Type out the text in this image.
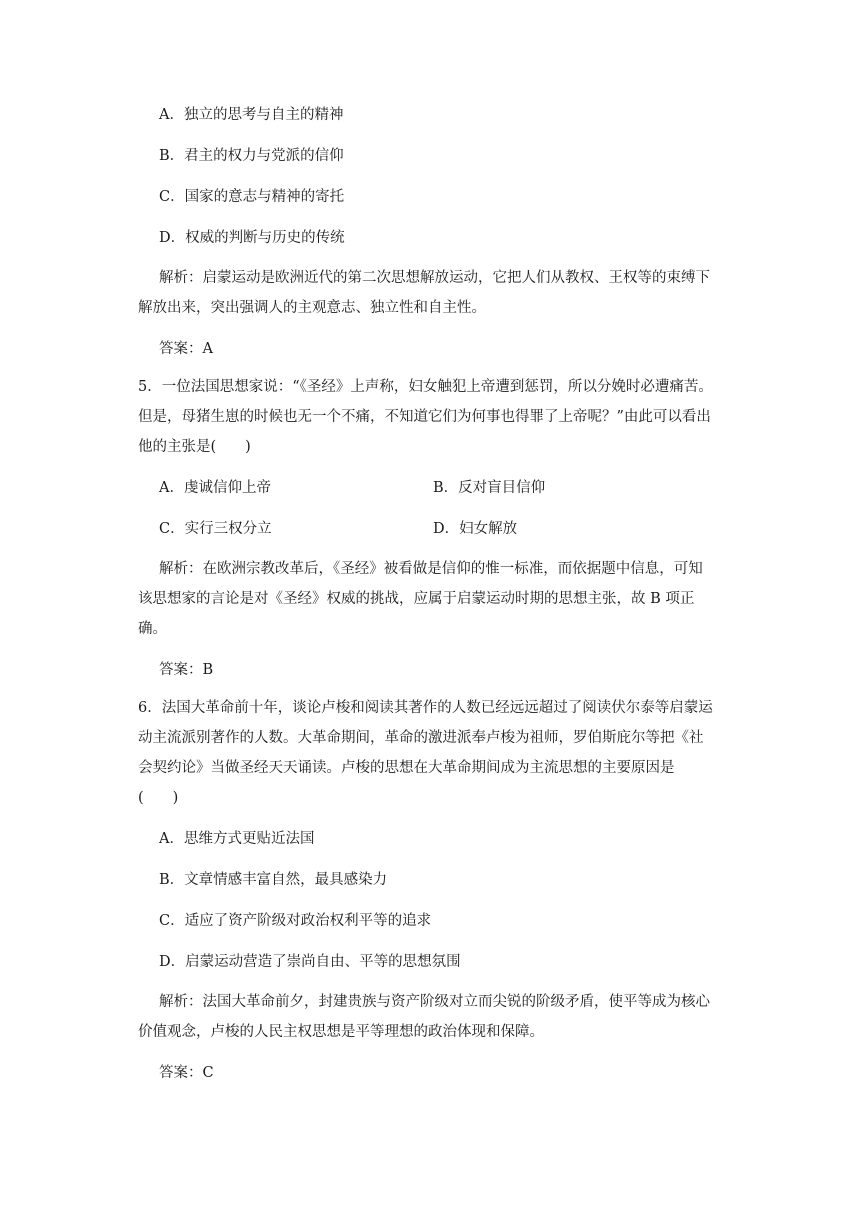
A．独立的思考与自主的精神
B．君主的权力与党派的信仰
C．国家的意志与精神的寄托
D．权威的判断与历史的传统
解析：启蒙运动是欧洲近代的第二次思想解放运动，它把人们从教权、王权等的束缚下
解放出来，突出强调人的主观意志、独立性和自主性。
答案：A
5．一位法国思想家说：“《圣经》上声称，妇女触犯上帝遭到惩罚，所以分娩时必遭痛苦。
但是，母猪生崽的时候也无一个不痛，不知道它们为何事也得罪了上帝呢？”由此可以看出
他的主张是(　　)
A．虔诚信仰上帝	B．反对盲目信仰
C．实行三权分立	D．妇女解放
解析：在欧洲宗教改革后，《圣经》被看做是信仰的惟一标准，而依据题中信息，可知
该思想家的言论是对《圣经》权威的挑战，应属于启蒙运动时期的思想主张，故 B 项正
确。
答案：B
6．法国大革命前十年，谈论卢梭和阅读其著作的人数已经远远超过了阅读伏尔泰等启蒙运
动主流派别著作的人数。大革命期间，革命的激进派奉卢梭为祖师，罗伯斯庇尔等把《社
会契约论》当做圣经天天诵读。卢梭的思想在大革命期间成为主流思想的主要原因是
(　　)
A．思维方式更贴近法国
B．文章情感丰富自然，最具感染力
C．适应了资产阶级对政治权利平等的追求
D．启蒙运动营造了崇尚自由、平等的思想氛围
解析：法国大革命前夕，封建贵族与资产阶级对立而尖锐的阶级矛盾，使平等成为核心
价值观念，卢梭的人民主权思想是平等理想的政治体现和保障。
答案：C
